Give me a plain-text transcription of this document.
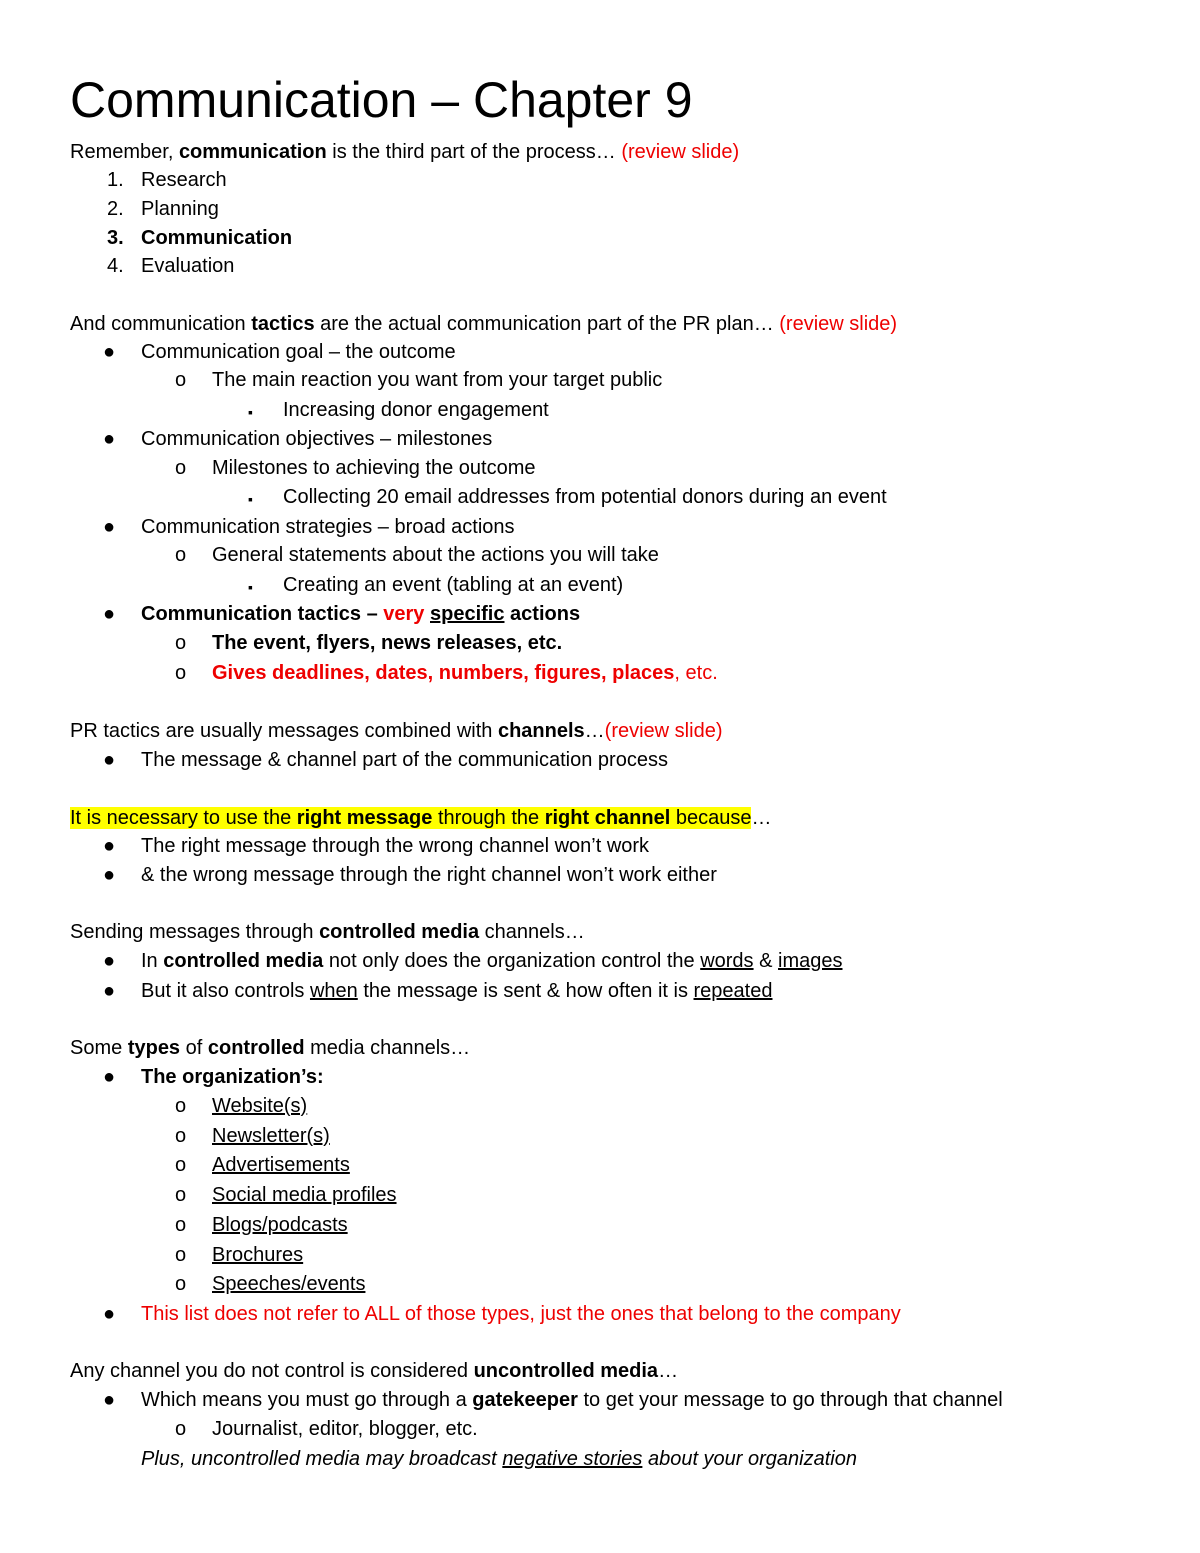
Communication – Chapter 9

Remember, communication is the third part of the process… (review slide)

1. Research

2. Planning

3. Communication

4. Evaluation

And communication tactics are the actual communication part of the PR plan… (review slide)

● Communication goal – the outcome

o The main reaction you want from your target public

▪ Increasing donor engagement

● Communication objectives – milestones

o Milestones to achieving the outcome

▪ Collecting 20 email addresses from potential donors during an event

● Communication strategies – broad actions

o General statements about the actions you will take

▪ Creating an event (tabling at an event)

● Communication tactics – very specific actions

o The event, flyers, news releases, etc.

o Gives deadlines, dates, numbers, figures, places, etc.

PR tactics are usually messages combined with channels…(review slide)

● The message & channel part of the communication process

It is necessary to use the right message through the right channel because…

● The right message through the wrong channel won’t work

● & the wrong message through the right channel won’t work either

Sending messages through controlled media channels…

● In controlled media not only does the organization control the words & images

● But it also controls when the message is sent & how often it is repeated

Some types of controlled media channels…

● The organization’s:

o Website(s)

o Newsletter(s)

o Advertisements

o Social media profiles

o Blogs/podcasts

o Brochures

o Speeches/events

● This list does not refer to ALL of those types, just the ones that belong to the company

Any channel you do not control is considered uncontrolled media…

● Which means you must go through a gatekeeper to get your message to go through that channel

o Journalist, editor, blogger, etc.

Plus, uncontrolled media may broadcast negative stories about your organization
